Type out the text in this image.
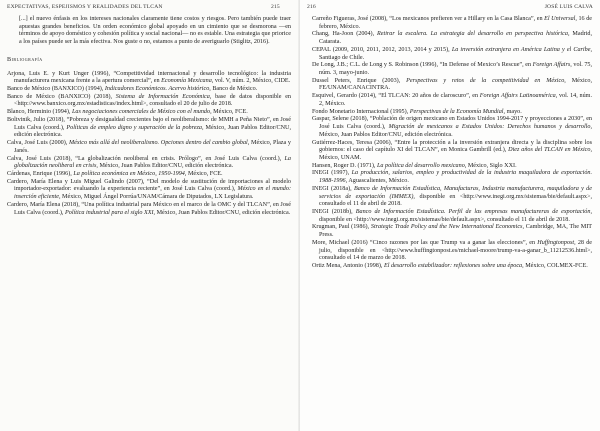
EXPECTATIVAS, ESPEJISMOS Y REALIDADES DEL TLCAN	215

[...] el nuevo énfasis en los intereses nacionales claramente tiene costos y riesgos. Pero también puede traer apuestas grandes beneficios. Un orden económico global apoyado en un cimiento que se desmorona —en términos de apoyo doméstico y cohesión política y social nacional— no es estable. Una estrategia que priorice a los países puede ser la más efectiva. Nos guste o no, estamos a punto de averiguarlo (Stiglitz, 2016).

Bibliografía

Arjona, Luis E. y Kurt Unger (1996), “Competitividad internacional y desarrollo tecnológico: la industria manufacturera mexicana frente a la apertura comercial”, en Economía Mexicana, vol. V, núm. 2, México, CIDE.

Banco de México (BANXICO) (1994), Indicadores Económicos. Acervo histórico, Banco de México.

Banco de México (BANXICO) (2018), Sistema de Información Económica, base de datos disponible en <http://www.banxico.org.mx/estadisticas/index.html>, consultado el 20 de julio de 2018.

Blanco, Herminio (1994), Las negociaciones comerciales de México con el mundo, México, FCE.

Boltvinik, Julio (2018), “Pobreza y desigualdad crecientes bajo el neoliberalismo: de MMH a Peña Nieto”, en José Luis Calva (coord.), Políticas de empleo digno y superación de la pobreza, México, Juan Pablos Editor/CNU, edición electrónica.

Calva, José Luis (2000), México más allá del neoliberalismo. Opciones dentro del cambio global, México, Plaza y Janés.

Calva, José Luis (2018), “La globalización neoliberal en crisis. Prólogo”, en José Luis Calva (coord.), La globalización neoliberal en crisis, México, Juan Pablos Editor/CNU, edición electrónica.

Cárdenas, Enrique (1996), La política económica en México, 1950-1994, México, FCE.

Cardero, María Elena y Luis Miguel Galindo (2007), “Del modelo de sustitución de importaciones al modelo importador-exportador: evaluando la experiencia reciente”, en José Luis Calva (coord.), México en el mundo: inserción eficiente, México, Miguel Ángel Porrúa/UNAM/Cámara de Diputados, LX Legislatura.

Cardero, María Elena (2018), “Una política industrial para México en el marco de la OMC y del TLCAN”, en José Luis Calva (coord.), Política industrial para el siglo XXI, México, Juan Pablos Editor/CNU, edición electrónica.

216	JOSÉ LUIS CALVA

Carreño Figueras, José (2008), “Los mexicanos prefieren ver a Hillary en la Casa Blanca”, en El Universal, 16 de febrero, México.

Chang, Ha-Joon (2004), Retirar la escalera. La estrategia del desarrollo en perspectiva histórica, Madrid, Catarata.

CEPAL (2009, 2010, 2011, 2012, 2013, 2014 y 2015), La inversión extranjera en América Latina y el Caribe, Santiago de Chile.

De Long, J.B.; C.L. de Long y S. Robinson (1996), “In Defense of Mexico’s Rescue”, en Foreign Affairs, vol. 75, núm. 3, mayo-junio.

Dussel Peters, Enrique (2003), Perspectivas y retos de la competitividad en México, México, FE/UNAM/CANACINTRA.

Esquivel, Gerardo (2014), “El TLCAN: 20 años de claroscuro”, en Foreign Affairs Latinoamérica, vol. 14, núm. 2, México.

Fondo Monetario Internacional (1995), Perspectivas de la Economía Mundial, mayo.

Gaspar, Selene (2018), “Población de origen mexicano en Estados Unidos 1994-2017 y proyecciones a 2030”, en José Luis Calva (coord.), Migración de mexicanos a Estados Unidos: Derechos humanos y desarrollo, México, Juan Pablos Editor/CNU, edición electrónica.

Gutiérrez-Haces, Teresa (2006), “Entre la protección a la inversión extranjera directa y la disciplina sobre los gobiernos: el caso del capítulo XI del TLCAN”, en Monica Gambrill (ed.), Diez años del TLCAN en México, México, UNAM.

Hansen, Roger D. (1971), La política del desarrollo mexicano, México, Siglo XXI.

INEGI (1997), La producción, salarios, empleo y productividad de la industria maquiladora de exportación. 1988-1996, Aguascalientes, México.

INEGI (2018a), Banco de Información Estadística, Manufacturas, Industria manufacturera, maquiladora y de servicios de exportación (IMMEX), disponible en <http://www.inegi.org.mx/sistemas/bie/default.aspx>, consultado el 11 de abril de 2018.

INEGI (2018b), Banco de Información Estadística. Perfil de las empresas manufactureras de exportación, disponible en <http://www.inegi.org.mx/sistemas/bie/default.aspx>, consultado el 11 de abril de 2018.

Krugman, Paul (1986), Strategic Trade Policy and the New International Economics, Cambridge, MA, The MIT Press.

More, Michael (2016) “Cinco razones por las que Trump va a ganar las elecciones”, en Huffingtonpost, 28 de julio, disponible en <http://www.huffingtonpost.es/michael-moore/trump-va-a-ganar_b_11212536.html>, consultado el 14 de marzo de 2018.

Ortiz Mena, Antonio (1998), El desarrollo estabilizador: reflexiones sobre una época, México, COLMEX-FCE.
